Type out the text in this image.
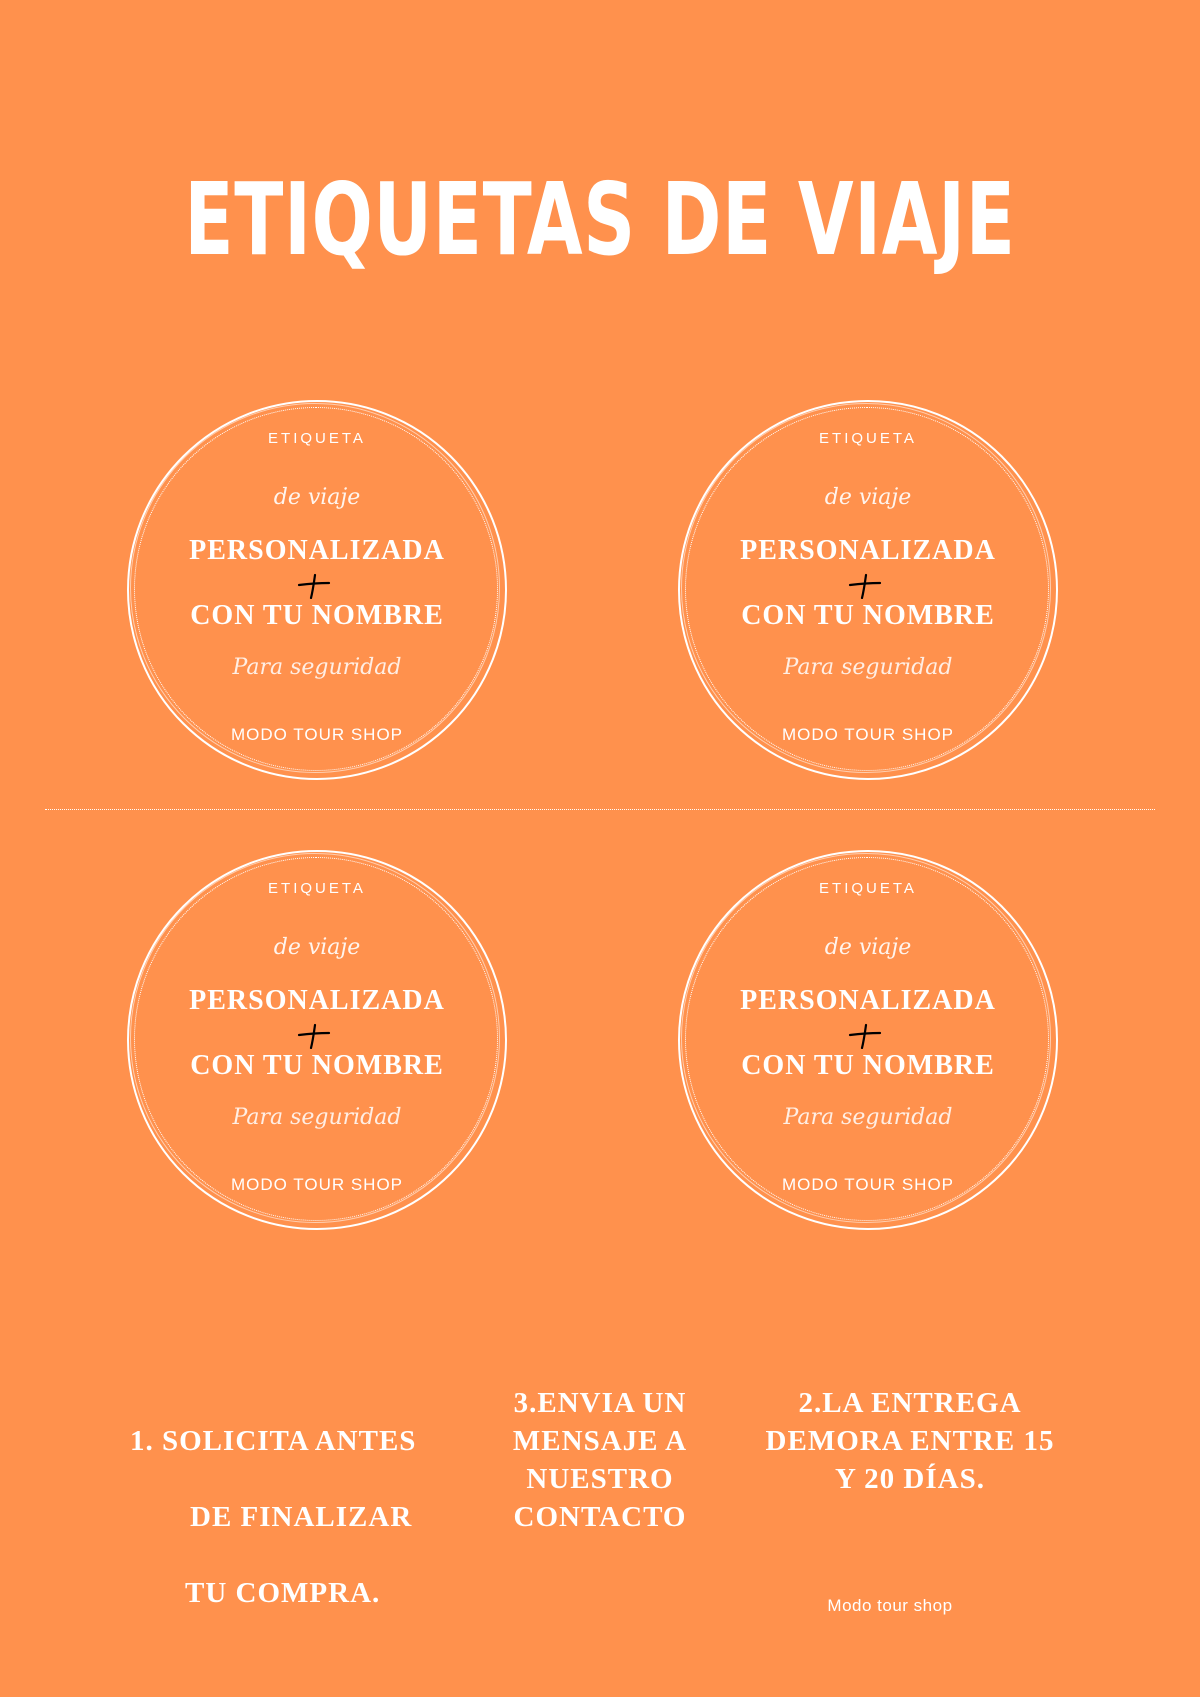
ETIQUETAS DE VIAJE
ETIQUETA
de viaje
PERSONALIZADA
CON TU NOMBRE
Para seguridad
MODO TOUR SHOP
ETIQUETA
de viaje
PERSONALIZADA
CON TU NOMBRE
Para seguridad
MODO TOUR SHOP
ETIQUETA
de viaje
PERSONALIZADA
CON TU NOMBRE
Para seguridad
MODO TOUR SHOP
ETIQUETA
de viaje
PERSONALIZADA
CON TU NOMBRE
Para seguridad
MODO TOUR SHOP

1. SOLICITA ANTES

DE FINALIZAR

TU COMPRA.

3.ENVIA UN
MENSAJE A
NUESTRO
CONTACTO
2.LA ENTREGA
DEMORA ENTRE 15
Y 20 DÍAS.
Modo tour shop
